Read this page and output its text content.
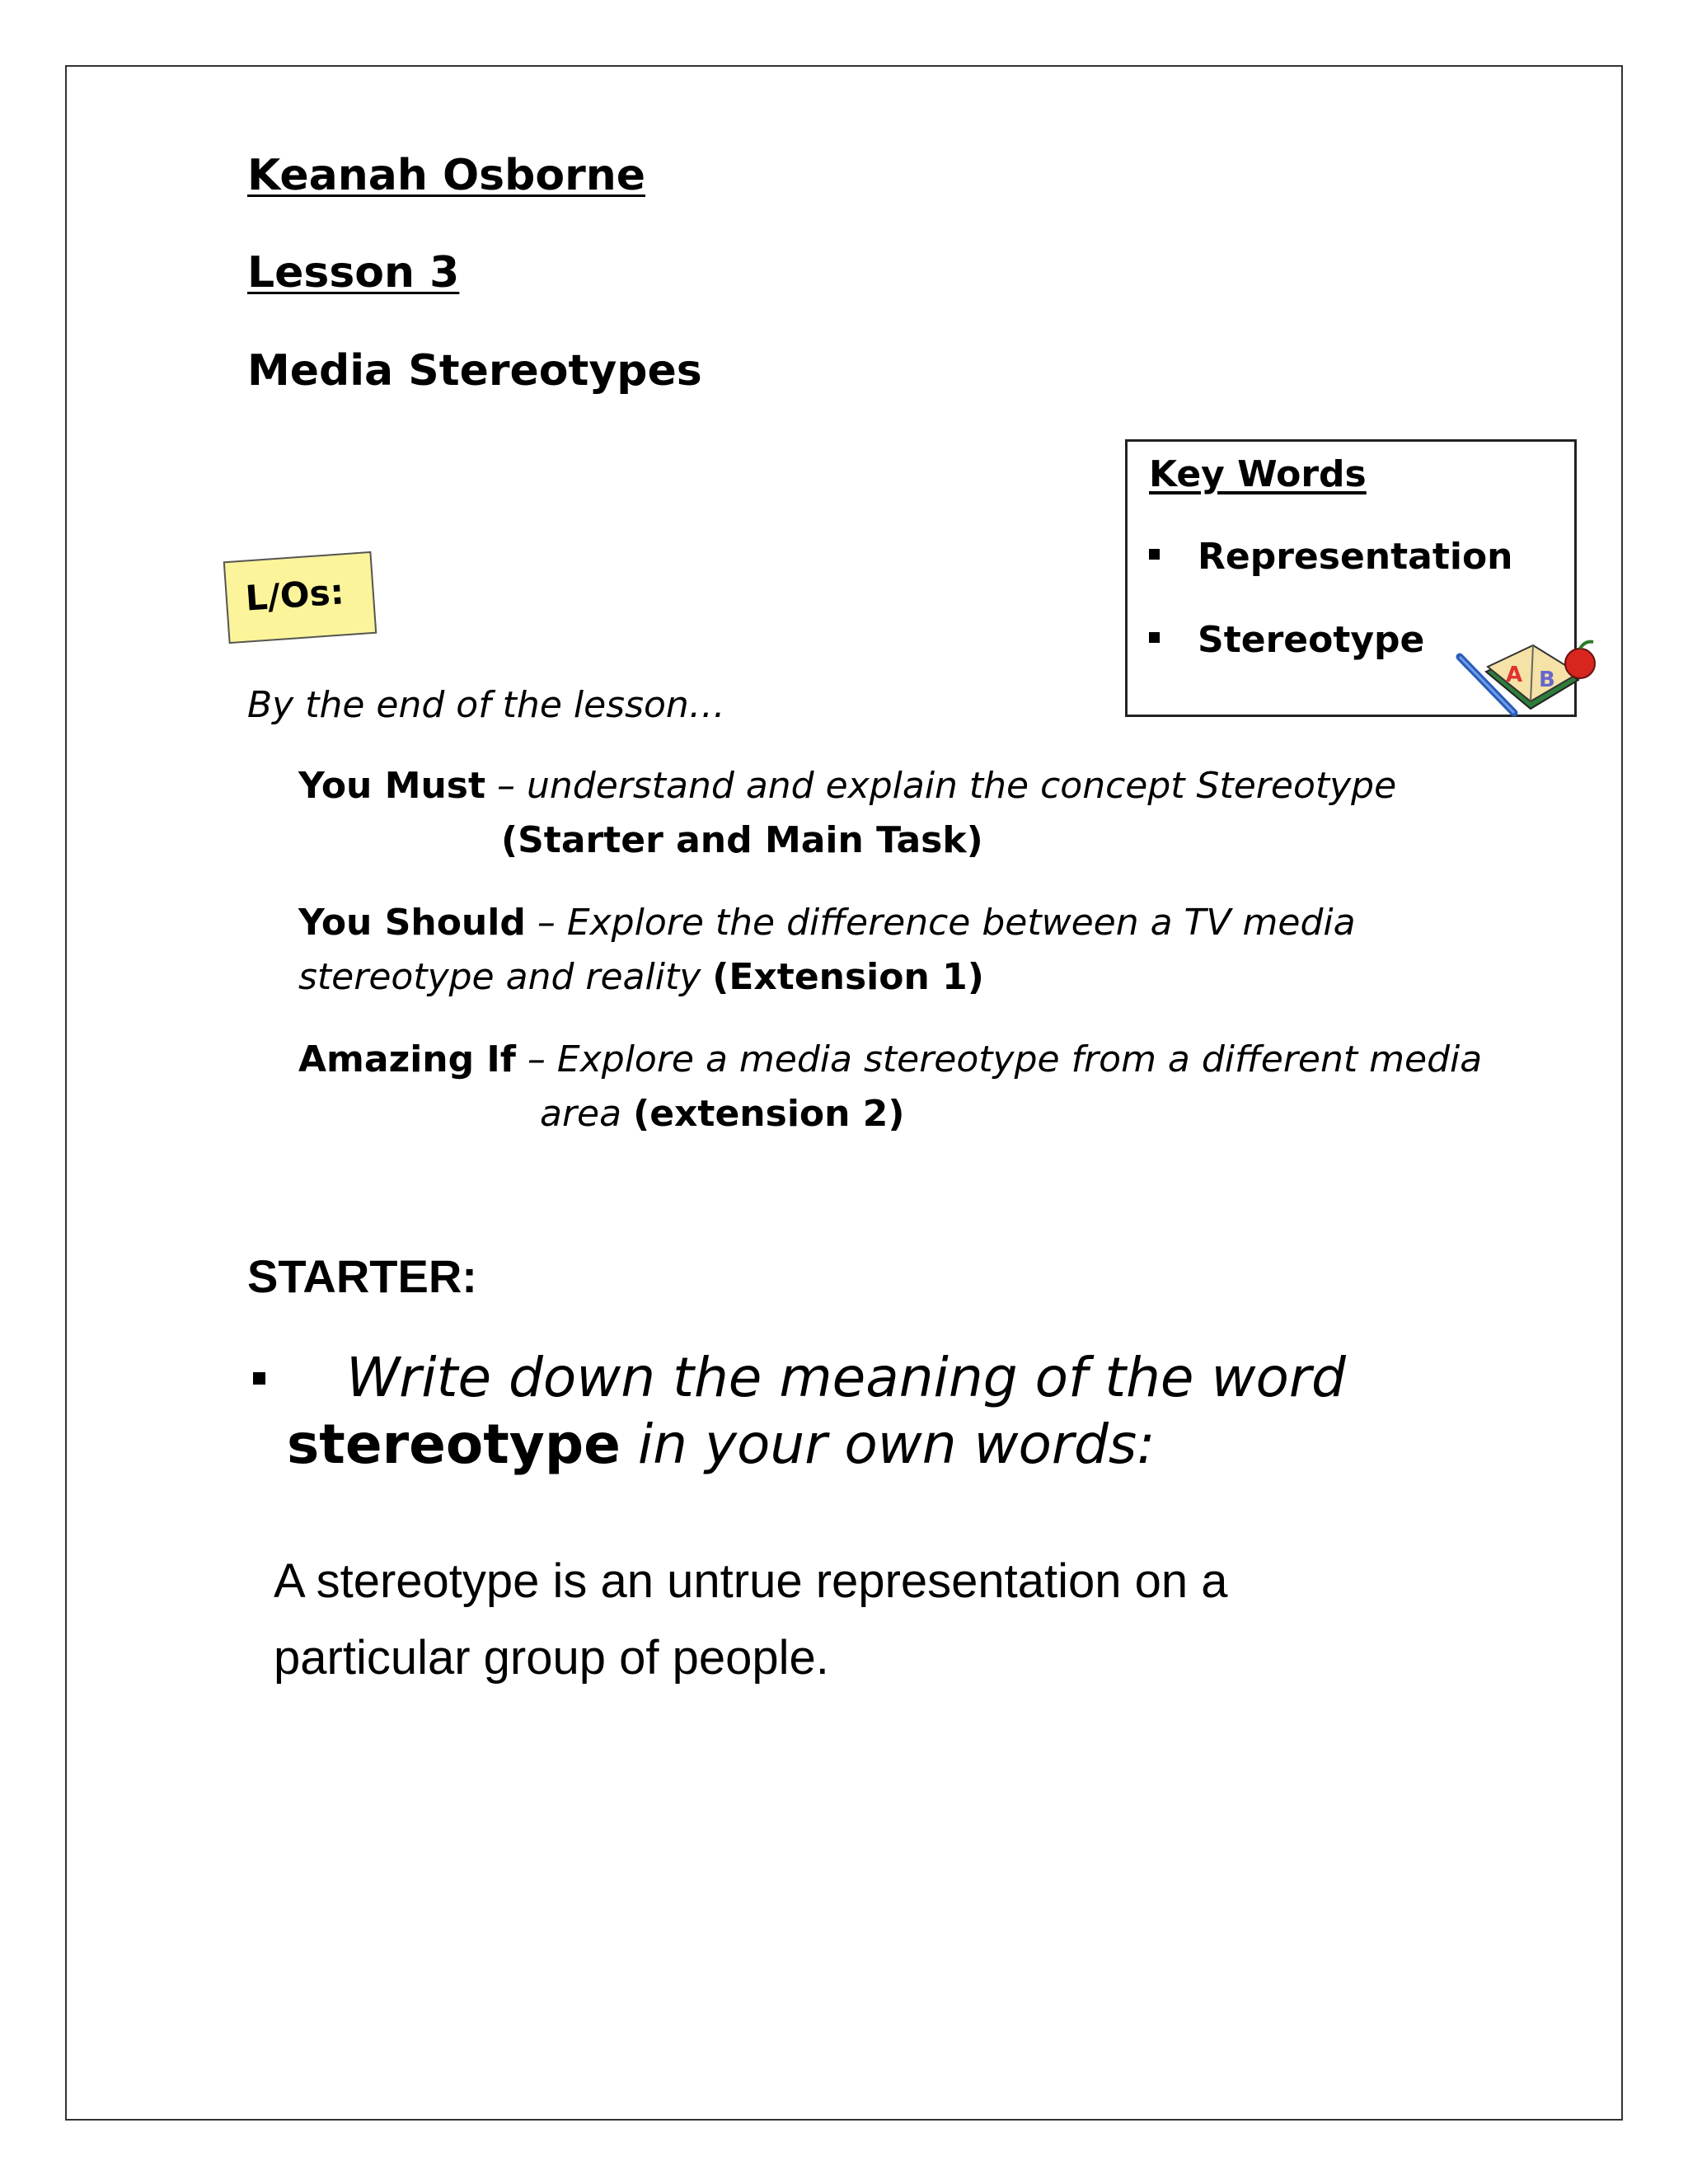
Keanah Osborne
Lesson 3
Media Stereotypes
Key Words
Representation
Stereotype
A B
L/Os:
By the end of the lesson…
You Must – understand and explain the concept Stereotype
(Starter and Main Task)
You Should – Explore the difference between a TV media
stereotype and reality (Extension 1)
Amazing If – Explore a media stereotype from a different media
area (extension 2)
STARTER:
Write down the meaning of the word
stereotype in your own words:
A stereotype is an untrue representation on a
particular group of people.
